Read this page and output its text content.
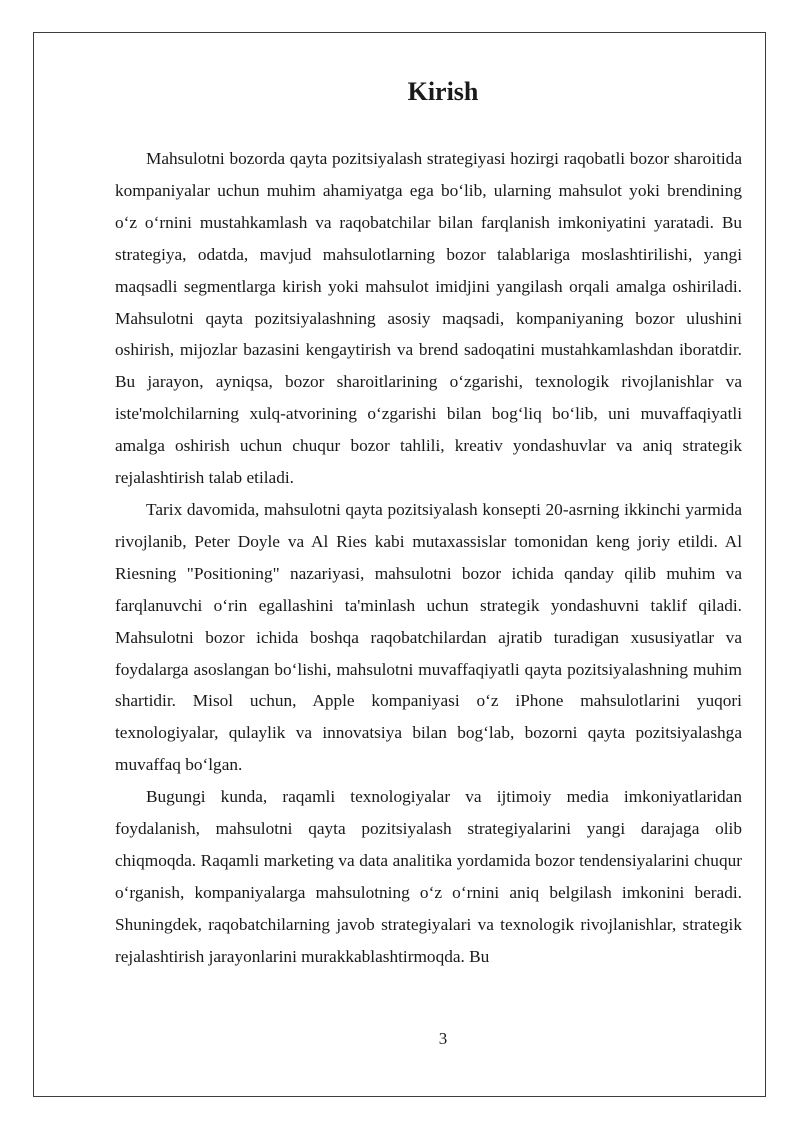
Kirish

Mahsulotni bozorda qayta pozitsiyalash strategiyasi hozirgi raqobatli bozor sharoitida kompaniyalar uchun muhim ahamiyatga ega bo‘lib, ularning mahsulot yoki brendining o‘z o‘rnini mustahkamlash va raqobatchilar bilan farqlanish imkoniyatini yaratadi. Bu strategiya, odatda, mavjud mahsulotlarning bozor talablariga moslashtirilishi, yangi maqsadli segmentlarga kirish yoki mahsulot imidjini yangilash orqali amalga oshiriladi. Mahsulotni qayta pozitsiyalashning asosiy maqsadi, kompaniyaning bozor ulushini oshirish, mijozlar bazasini kengaytirish va brend sadoqatini mustahkamlashdan iboratdir. Bu jarayon, ayniqsa, bozor sharoitlarining o‘zgarishi, texnologik rivojlanishlar va iste'molchilarning xulq-atvorining o‘zgarishi bilan bog‘liq bo‘lib, uni muvaffaqiyatli amalga oshirish uchun chuqur bozor tahlili, kreativ yondashuvlar va aniq strategik rejalashtirish talab etiladi.

Tarix davomida, mahsulotni qayta pozitsiyalash konsepti 20-asrning ikkinchi yarmida rivojlanib, Peter Doyle va Al Ries kabi mutaxassislar tomonidan keng joriy etildi. Al Riesning "Positioning" nazariyasi, mahsulotni bozor ichida qanday qilib muhim va farqlanuvchi o‘rin egallashini ta'minlash uchun strategik yondashuvni taklif qiladi. Mahsulotni bozor ichida boshqa raqobatchilardan ajratib turadigan xususiyatlar va foydalarga asoslangan bo‘lishi, mahsulotni muvaffaqiyatli qayta pozitsiyalashning muhim shartidir. Misol uchun, Apple kompaniyasi o‘z iPhone mahsulotlarini yuqori texnologiyalar, qulaylik va innovatsiya bilan bog‘lab, bozorni qayta pozitsiyalashga muvaffaq bo‘lgan.

Bugungi kunda, raqamli texnologiyalar va ijtimoiy media imkoniyatlaridan foydalanish, mahsulotni qayta pozitsiyalash strategiyalarini yangi darajaga olib chiqmoqda. Raqamli marketing va data analitika yordamida bozor tendensiyalarini chuqur o‘rganish, kompaniyalarga mahsulotning o‘z o‘rnini aniq belgilash imkonini beradi. Shuningdek, raqobatchilarning javob strategiyalari va texnologik rivojlanishlar, strategik rejalashtirish jarayonlarini murakkablashtirmoqda. Bu

3
